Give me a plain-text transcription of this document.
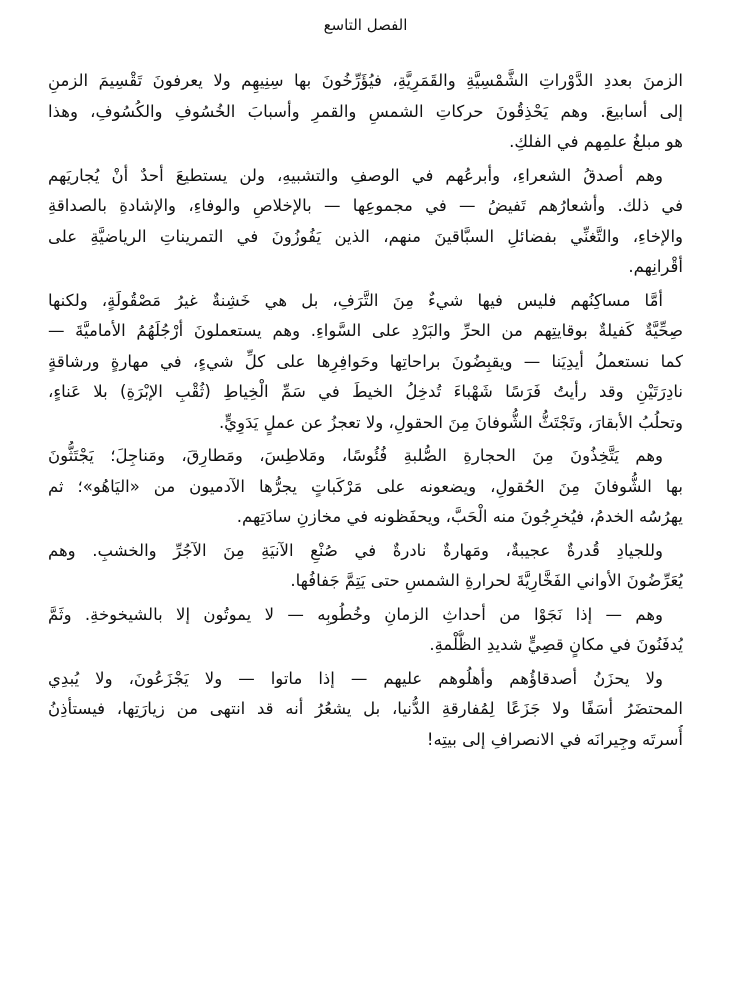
الفصل التاسع
الزمنَ بعددِ الدَّوْراتِ الشَّمْسِيَّةِ والقَمَرِيَّةِ، فيُؤَرِّخُونَ بها سِنِيهِم ولا يعرفونَ تَقْسِيمَ الزمنِ
إلى أسابيعَ. وهم يَحْذِقُونَ حركاتِ الشمسِ والقمرِ وأسبابَ الخُسُوفِ والكُسُوفِ، وهذا
هو مبلغُ علمِهم في الفلكِ.
وهم أصدقُ الشعراءِ، وأبرعُهم في الوصفِ والتشبيهِ، ولن يستطيعَ أحدٌ أنْ يُجاريَهم
في ذلك. وأشعارُهم تَفيضُ — في مجموعِها — بالإخلاصِ والوفاءِ، والإشادةِ بالصداقةِ
والإخاءِ، والتَّغنِّي بفضائلِ السبَّاقينَ منهم، الذين يَفُوزُونَ في التمريناتِ الرياضيَّةِ على
أقْرانِهم.
أمَّا مساكِنُهم فليس فيها شيءٌ مِنَ التَّرَفِ، بل هي خَشِنةٌ غيرُ مَصْقُولَةٍ، ولكنها
صِحِّيَّةٌ كَفيلةٌ بوقايتِهم من الحرِّ والبَرْدِ على السَّواءِ. وهم يستعملونَ أرْجُلَهُمُ الأماميَّةَ —
كما نستعملُ أيدِيَنا — ويقبِضُونَ براحاتِها وحَوافِرِها على كلِّ شيءٍ، في مهارةٍ ورشاقةٍ
نادِرَتَيْنِ وقد رأيتُ فَرَسًا شَهْباءَ تُدخِلُ الخيطَ في سَمِّ الْخِياطِ (ثُقْبِ الإبْرَةِ) بلا عَناءٍ،
وتحلُبُ الأبقارَ، وتَجْتَثُّ الشُّوفانَ مِنَ الحقولِ، ولا تعجزُ عن عملٍ يَدَوِيٍّ.
وهم يَتَّخِذُونَ مِنَ الحجارةِ الصُّلبةِ فُئُوسًا، ومَلاطِسَ، ومَطارِقَ، ومَناجِلَ؛ يَجْتَثُّونَ
بها الشُّوفانَ مِنَ الحُقولِ، ويضعونه على مَرْكَباتٍ يجرُّها الآدميون من «اليَاهُو»؛ ثم
يهرُسُه الخدمُ، فيُخرِجُونَ منه الْحَبَّ، ويحفَظونه في مخازنِ سادَتِهم.
وللجيادِ قُدرةٌ عجيبةٌ، ومَهارةٌ نادرةٌ في صُنْعِ الآنيَةِ مِنَ الآجُرِّ والخشبِ. وهم
يُعَرِّضُونَ الأواني الفَخَّارِيَّةَ لحرارةِ الشمسِ حتى يَتِمَّ جَفافُها.
وهم — إذا نَجَوْا من أحداثِ الزمانِ وخُطُوبِه — لا يموتُون إلا بالشيخوخةِ. وثَمَّ
يُدفَنُونَ في مكانٍ قصِيٍّ شديدِ الظُّلْمةِ.
ولا يحزَنُ أصدقاؤُهم وأهلُوهم عليهم — إذا ماتوا — ولا يَجْزَعُونَ، ولا يُبدِي
المحتضَرُ أسَفًا ولا جَزَعًا لِمُفارقةِ الدُّنيا، بل يشعُرُ أنه قد انتهى من زيارَتِها، فيستأذِنُ
أُسرتَه وجِيرانَه في الانصرافِ إلى بيتِه!
